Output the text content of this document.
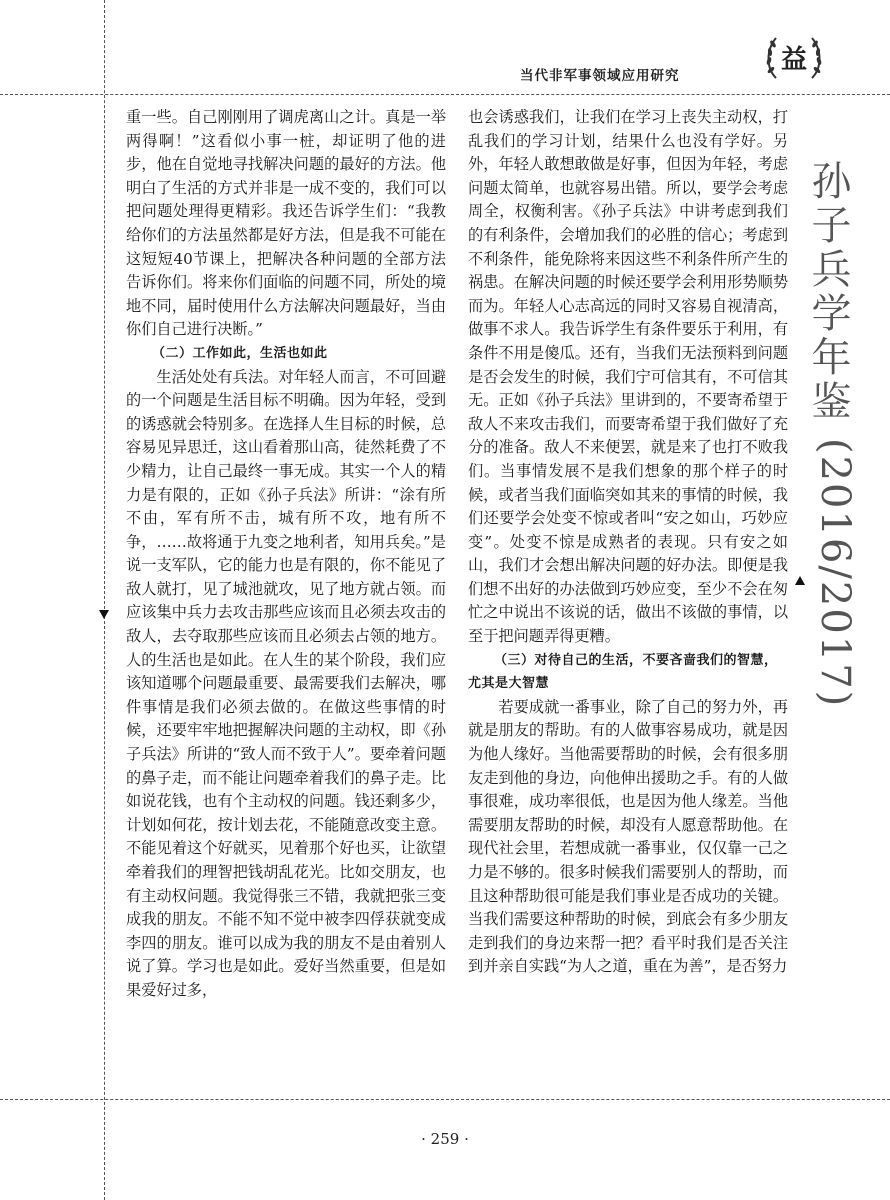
当代非军事领域应用研究
益

重一些。自己刚刚用了调虎离山之计。真是一举两得啊！”这看似小事一桩，却证明了他的进步，他在自觉地寻找解决问题的最好的方法。他明白了生活的方式并非是一成不变的，我们可以把问题处理得更精彩。我还告诉学生们：“我教给你们的方法虽然都是好方法，但是我不可能在这短短40节课上，把解决各种问题的全部方法告诉你们。将来你们面临的问题不同，所处的境地不同，届时使用什么方法解决问题最好，当由你们自己进行决断。”

（二）工作如此，生活也如此

生活处处有兵法。对年轻人而言，不可回避的一个问题是生活目标不明确。因为年轻，受到的诱惑就会特别多。在选择人生目标的时候，总容易见异思迁，这山看着那山高，徒然耗费了不少精力，让自己最终一事无成。其实一个人的精力是有限的，正如《孙子兵法》所讲：“涂有所不由，军有所不击，城有所不攻，地有所不争，……故将通于九变之地利者，知用兵矣。”是说一支军队，它的能力也是有限的，你不能见了敌人就打，见了城池就攻，见了地方就占领。而应该集中兵力去攻击那些应该而且必须去攻击的敌人，去夺取那些应该而且必须去占领的地方。人的生活也是如此。在人生的某个阶段，我们应该知道哪个问题最重要、最需要我们去解决，哪件事情是我们必须去做的。在做这些事情的时候，还要牢牢地把握解决问题的主动权，即《孙子兵法》所讲的“致人而不致于人”。要牵着问题的鼻子走，而不能让问题牵着我们的鼻子走。比如说花钱，也有个主动权的问题。钱还剩多少，计划如何花，按计划去花，不能随意改变主意。不能见着这个好就买，见着那个好也买，让欲望牵着我们的理智把钱胡乱花光。比如交朋友，也有主动权问题。我觉得张三不错，我就把张三变成我的朋友。不能不知不觉中被李四俘获就变成李四的朋友。谁可以成为我的朋友不是由着别人说了算。学习也是如此。爱好当然重要，但是如果爱好过多，

也会诱惑我们，让我们在学习上丧失主动权，打乱我们的学习计划，结果什么也没有学好。另外，年轻人敢想敢做是好事，但因为年轻，考虑问题太简单，也就容易出错。所以，要学会考虑周全，权衡利害。《孙子兵法》中讲考虑到我们的有利条件，会增加我们的必胜的信心；考虑到不利条件，能免除将来因这些不利条件所产生的祸患。在解决问题的时候还要学会利用形势顺势而为。年轻人心志高远的同时又容易自视清高，做事不求人。我告诉学生有条件要乐于利用，有条件不用是傻瓜。还有，当我们无法预料到问题是否会发生的时候，我们宁可信其有，不可信其无。正如《孙子兵法》里讲到的，不要寄希望于敌人不来攻击我们，而要寄希望于我们做好了充分的准备。敌人不来便罢，就是来了也打不败我们。当事情发展不是我们想象的那个样子的时候，或者当我们面临突如其来的事情的时候，我们还要学会处变不惊或者叫“安之如山，巧妙应变”。处变不惊是成熟者的表现。只有安之如山，我们才会想出解决问题的好办法。即便是我们想不出好的办法做到巧妙应变，至少不会在匆忙之中说出不该说的话，做出不该做的事情，以至于把问题弄得更糟。

（三）对待自己的生活，不要吝啬我们的智慧，尤其是大智慧

若要成就一番事业，除了自己的努力外，再就是朋友的帮助。有的人做事容易成功，就是因为他人缘好。当他需要帮助的时候，会有很多朋友走到他的身边，向他伸出援助之手。有的人做事很难，成功率很低，也是因为他人缘差。当他需要朋友帮助的时候，却没有人愿意帮助他。在现代社会里，若想成就一番事业，仅仅靠一己之力是不够的。很多时候我们需要别人的帮助，而且这种帮助很可能是我们事业是否成功的关键。当我们需要这种帮助的时候，到底会有多少朋友走到我们的身边来帮一把？看平时我们是否关注到并亲自实践“为人之道，重在为善”，是否努力

孙子兵学年鉴
(2016/2017)
· 259 ·
